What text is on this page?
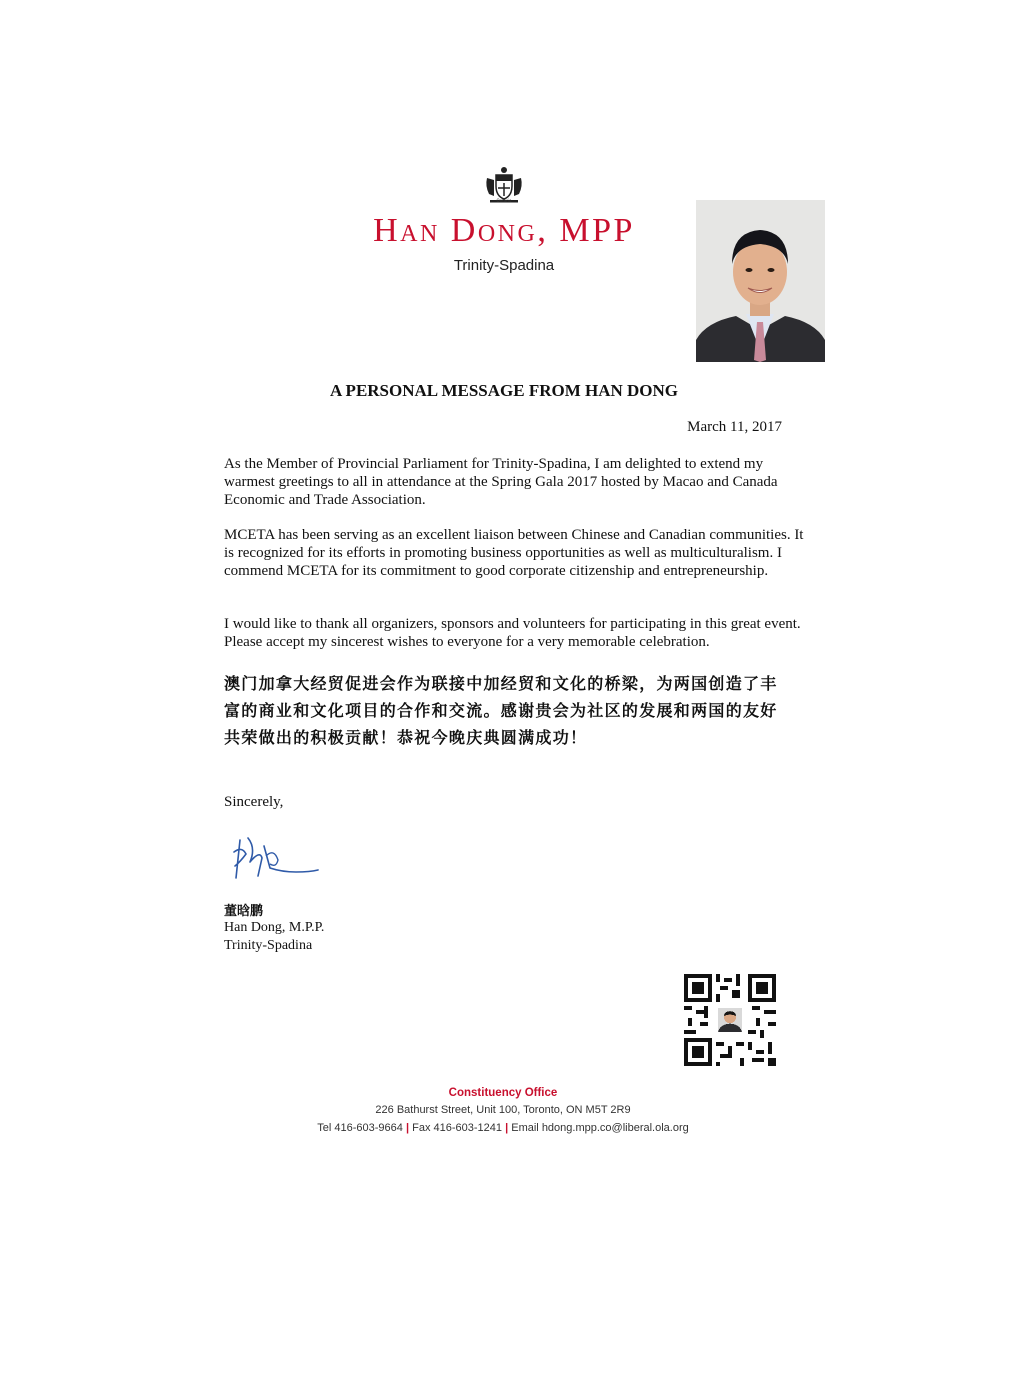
Ontario
Han Dong, MPP
Trinity-Spadina
A PERSONAL MESSAGE FROM HAN DONG
March 11, 2017
As the Member of Provincial Parliament for Trinity-Spadina, I am delighted to extend my warmest greetings to all in attendance at the Spring Gala 2017 hosted by Macao and Canada Economic and Trade Association.
MCETA has been serving as an excellent liaison between Chinese and Canadian communities. It is recognized for its efforts in promoting business opportunities as well as multiculturalism. I commend MCETA for its commitment to good corporate citizenship and entrepreneurship.
I would like to thank all organizers, sponsors and volunteers for participating in this great event. Please accept my sincerest wishes to everyone for a very memorable celebration.
澳门加拿大经贸促进会作为联接中加经贸和文化的桥梁，为两国创造了丰富的商业和文化项目的合作和交流。感谢贵会为社区的发展和两国的友好共荣做出的积极贡献！恭祝今晚庆典圆满成功！
Sincerely,
董晗鹏
Han Dong, M.P.P.
Trinity-Spadina
Constituency Office
226 Bathurst Street, Unit 100, Toronto, ON M5T 2R9
Tel 416-603-9664 | Fax 416-603-1241 | Email hdong.mpp.co@liberal.ola.org
